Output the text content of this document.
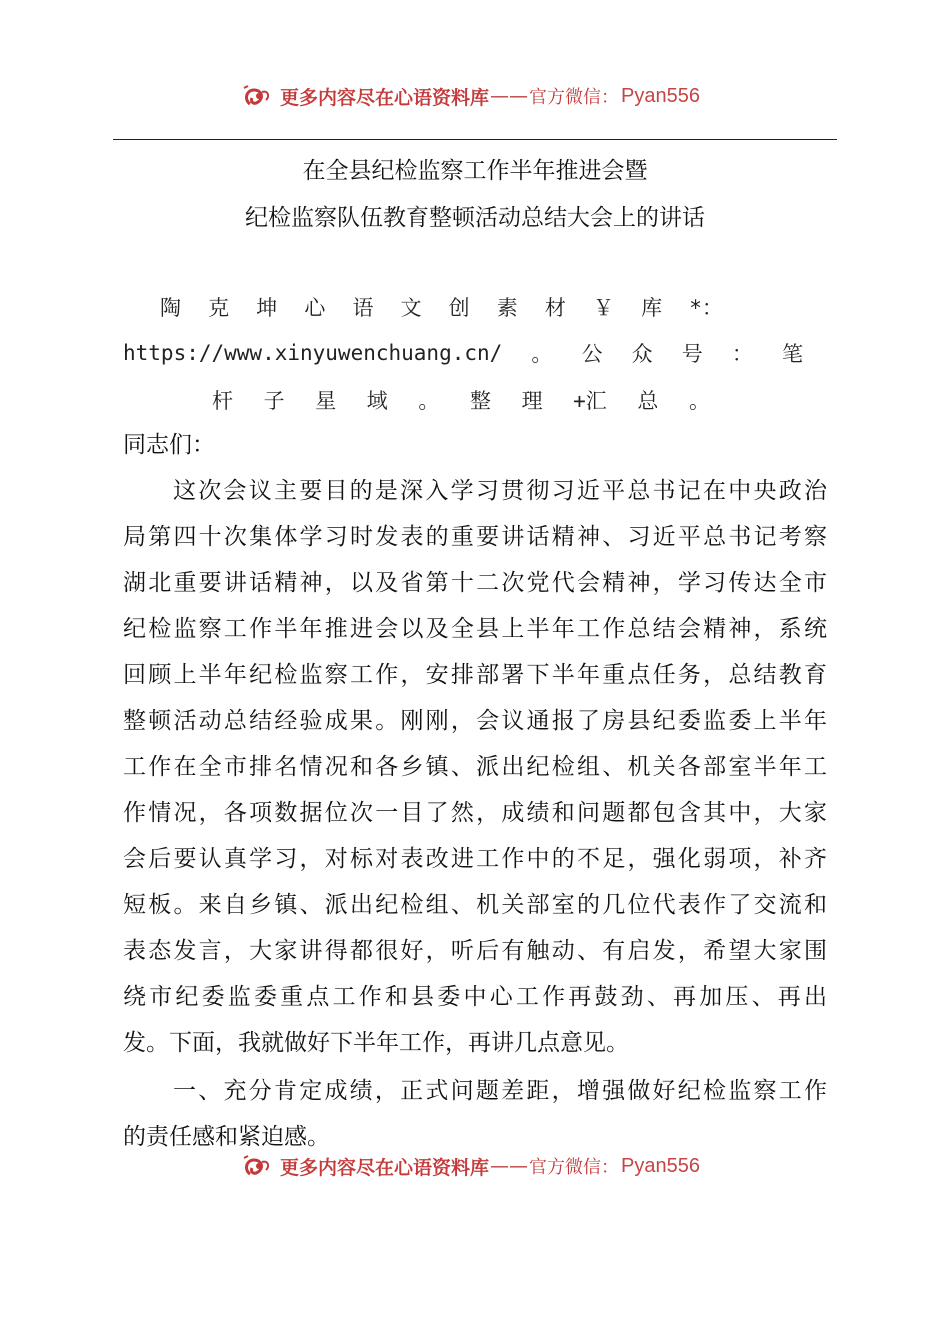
更多内容尽在心语资料库 —— 官方微信： Pyan556
在全县纪检监察工作半年推进会暨
纪检监察队伍教育整顿活动总结大会上的讲话
陶 克 坤 心 语 文 创 素 材 ￥ 库 *：
https://www.xinyuwenchuang.cn/ 。 公 众 号 ： 笔
杆 子 星 域 。 整 理 +汇 总 。
同志们：
这次会议主要目的是深入学习贯彻习近平总书记在中央政治
局第四十次集体学习时发表的重要讲话精神、习近平总书记考察
湖北重要讲话精神，以及省第十二次党代会精神，学习传达全市
纪检监察工作半年推进会以及全县上半年工作总结会精神，系统
回顾上半年纪检监察工作，安排部署下半年重点任务，总结教育
整顿活动总结经验成果。刚刚，会议通报了房县纪委监委上半年
工作在全市排名情况和各乡镇、派出纪检组、机关各部室半年工
作情况，各项数据位次一目了然，成绩和问题都包含其中，大家
会后要认真学习，对标对表改进工作中的不足，强化弱项，补齐
短板。来自乡镇、派出纪检组、机关部室的几位代表作了交流和
表态发言，大家讲得都很好，听后有触动、有启发，希望大家围
绕市纪委监委重点工作和县委中心工作再鼓劲、再加压、再出
发。下面，我就做好下半年工作，再讲几点意见。
一、充分肯定成绩，正式问题差距，增强做好纪检监察工作
的责任感和紧迫感。
更多内容尽在心语资料库 —— 官方微信： Pyan556
